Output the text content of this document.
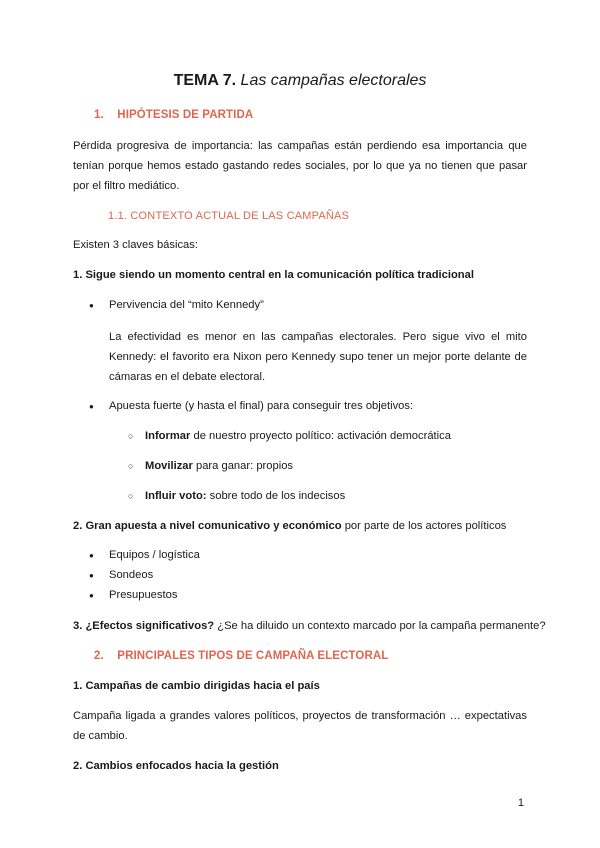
TEMA 7. Las campañas electorales
1. HIPÓTESIS DE PARTIDA
Pérdida progresiva de importancia: las campañas están perdiendo esa importancia que tenían porque hemos estado gastando redes sociales, por lo que ya no tienen que pasar por el filtro mediático.
1.1. CONTEXTO ACTUAL DE LAS CAMPAÑAS
Existen 3 claves básicas:
1. Sigue siendo un momento central en la comunicación política tradicional
● Pervivencia del “mito Kennedy”
La efectividad es menor en las campañas electorales. Pero sigue vivo el mito Kennedy: el favorito era Nixon pero Kennedy supo tener un mejor porte delante de cámaras en el debate electoral.
● Apuesta fuerte (y hasta el final) para conseguir tres objetivos:
○ Informar de nuestro proyecto político: activación democrática
○ Movilizar para ganar: propios
○ Influir voto: sobre todo de los indecisos
2. Gran apuesta a nivel comunicativo y económico por parte de los actores políticos
● Equipos / logística
● Sondeos
● Presupuestos
3. ¿Efectos significativos? ¿Se ha diluido un contexto marcado por la campaña permanente?
2. PRINCIPALES TIPOS DE CAMPAÑA ELECTORAL
1. Campañas de cambio dirigidas hacia el país
Campaña ligada a grandes valores políticos, proyectos de transformación … expectativas de cambio.
2. Cambios enfocados hacia la gestión
1
